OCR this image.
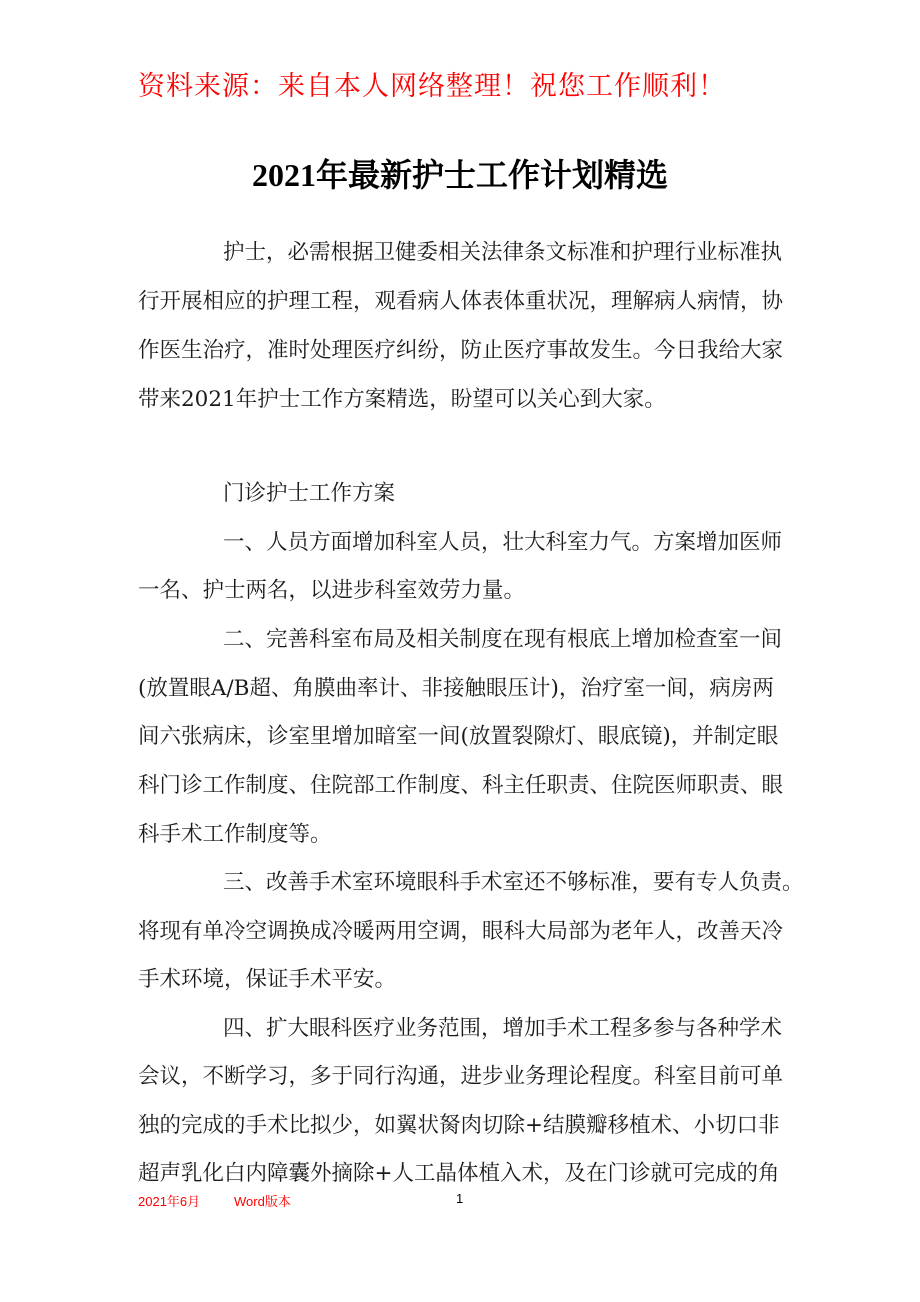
资料来源：来自本人网络整理！祝您工作顺利！
2021年最新护士工作计划精选
护士，必需根据卫健委相关法律条文标准和护理行业标准执
行开展相应的护理工程，观看病人体表体重状况，理解病人病情，协
作医生治疗，准时处理医疗纠纷，防止医疗事故发生。今日我给大家
带来2021年护士工作方案精选，盼望可以关心到大家。
门诊护士工作方案
一、人员方面增加科室人员，壮大科室力气。方案增加医师
一名、护士两名，以进步科室效劳力量。
二、完善科室布局及相关制度在现有根底上增加检查室一间
(放置眼A/B超、角膜曲率计、非接触眼压计)，治疗室一间，病房两
间六张病床，诊室里增加暗室一间(放置裂隙灯、眼底镜)，并制定眼
科门诊工作制度、住院部工作制度、科主任职责、住院医师职责、眼
科手术工作制度等。
三、改善手术室环境眼科手术室还不够标准，要有专人负责。
将现有单冷空调换成冷暖两用空调，眼科大局部为老年人，改善天冷
手术环境，保证手术平安。
四、扩大眼科医疗业务范围，增加手术工程多参与各种学术
会议，不断学习，多于同行沟通，进步业务理论程度。科室目前可单
独的完成的手术比拟少，如翼状胬肉切除+结膜瓣移植术、小切口非
超声乳化白内障囊外摘除+人工晶体植入术，及在门诊就可完成的角
2021年6月	Word版本	1
